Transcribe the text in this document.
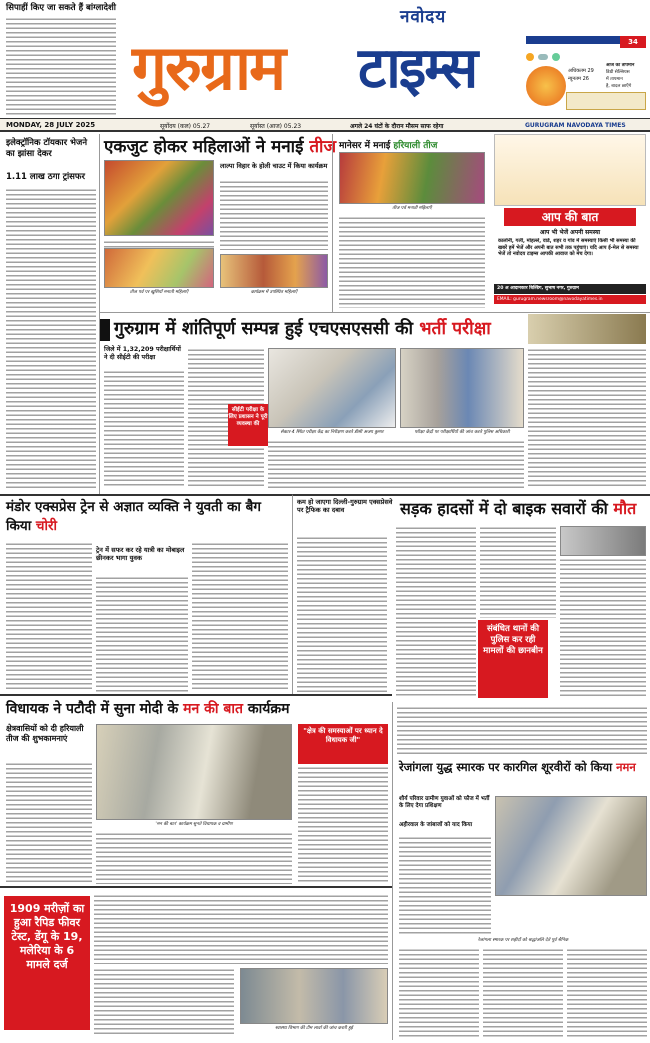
सिपाहीं किए जा सकते हैं बांग्लादेशी	नवोदय
गुरुग्राम टाइम्स	34
अधिकतम 29
न्यूनतम 26
आज का तापमान
डिग्री सेल्सियस
में तापमान
है, बादल छाएँगे
MONDAY, 28 JULY 2025	सूर्योदय (कल) 05.27	सूर्यास्त (आज) 05.23	अगले 24 घंटों के दौरान मौसम साफ रहेगा	GURUGRAM NAVODAYA TIMES
इलेक्ट्रॉनिक टॉयकार भेजने का झांसा देकर
1.11 लाख ठगा ट्रांसफर
एकजुट होकर महिलाओं ने मनाई तीज
लाल्पा विहार के होली चाउट में किया कार्यक्रम
तीज पर्व पर खुशियाँ मनाती महिलाएँ	कार्यक्रम में उपस्थित महिलाएँ
मानेसर में मनाई हरियाली तीज
तीज पर्व मनाती महिलाएँ
आप की बात
आप भी भेजें अपनी समस्या
कालोनी, गली, मोहल्ले, वार्ड, शहर व गांव में समस्याएं किसी भी समस्या की खबरें हमें भेजें और अपनी बात सभी तक पहुंचाएं। यदि आप ई-मेल से समस्या भेजें तो नवोदय टाइम्स आपकी आवाज को मंच देगा।
20 अ आदानकार बिल्डिंग, सुभाष नगर, गुरुग्राम
EMAIL: gurugram.newsroom@navodayatimes.in
गुरुग्राम में शांतिपूर्ण सम्पन्न हुई एचएसएससी की भर्ती परीक्षा
जिले में 1,32,209 परीक्षार्थियों ने दी सीईटी की परीक्षा
सीईटी परीक्षा के लिए प्रशासन ने पूरी व्यवस्था की
सेक्टर-4 स्थित परीक्षा केंद्र का निरीक्षण करते डीसी अजय कुमार	परीक्षा केंद्रों पर परीक्षार्थियों की जांच करते पुलिस अधिकारी
मंडोर एक्सप्रेस ट्रेन से अज्ञात व्यक्ति ने युवती का बैग किया चोरी
ट्रेन में सफर कर रहे यात्री का मोबाइल छीनकर भागा युवक
कम हो जाएगा दिल्ली-गुरुग्राम एक्सप्रेसवे पर ट्रैफिक का दबाव	सड़क हादसों में दो बाइक सवारों की मौत
संबंधित थानों की पुलिस कर रही मामलों की छानबीन
विधायक ने पटौदी में सुना मोदी के मन की बात कार्यक्रम
क्षेत्रवासियों को दी हरियाली तीज की शुभकामनाएं
'मन की बात' कार्यक्रम सुनते विधायक व ग्रामीण
"क्षेत्र की समस्याओं पर ध्यान दे विधायक जी"
रेजांगला युद्ध स्मारक पर कारगिल शूरवीरों को किया नमन
शौर्य परिवार ग्रामीण युवाओं को फौज में भर्ती के लिए देगा प्रशिक्षण
अहीरवाल के जांबाजों को याद किया
रेजांगला स्मारक पर शहीदों को श्रद्धांजलि देते पूर्व सैनिक
1909 मरीज़ों का हुआ रैपिड फीवर टेस्ट, डेंगू के 19, मलेरिया के 6 मामले दर्ज
स्वास्थ्य विभाग की टीम लार्वा की जांच करती हुई
